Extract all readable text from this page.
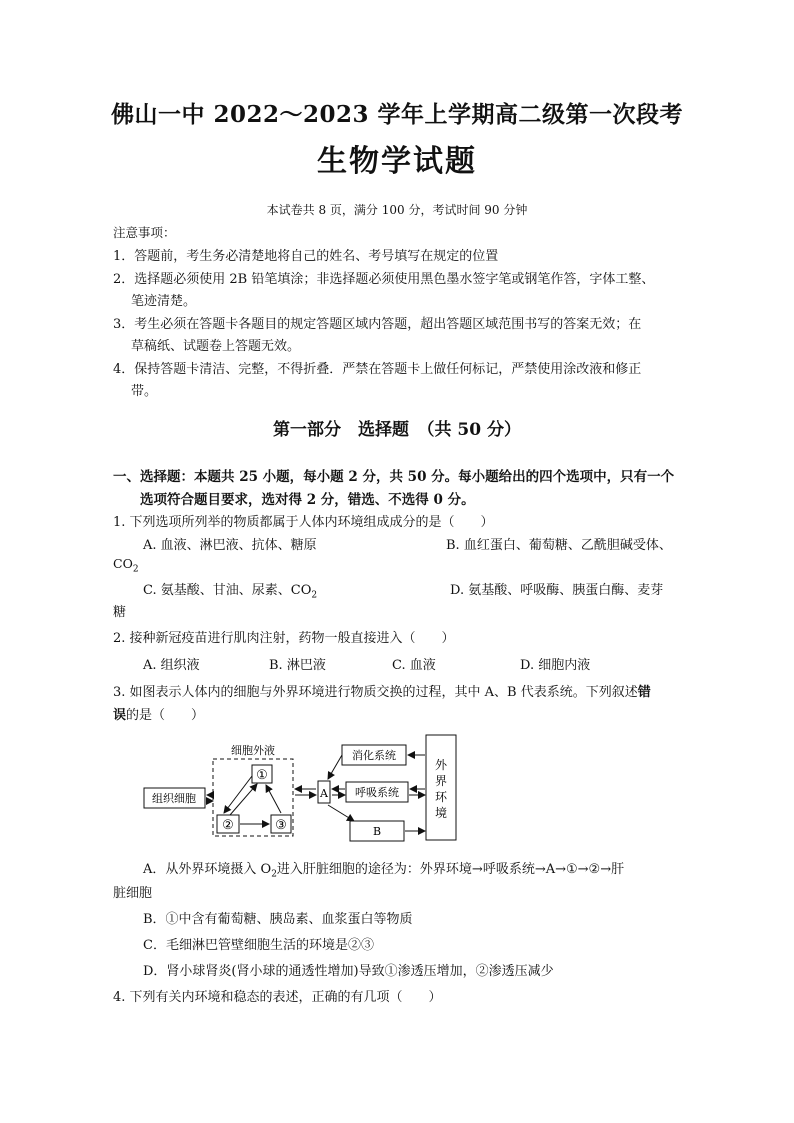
佛山一中 2022～2023 学年上学期高二级第一次段考
生物学试题
本试卷共 8 页，满分 100 分，考试时间 90 分钟
注意事项：
1．答题前，考生务必清楚地将自己的姓名、考号填写在规定的位置
2．选择题必须使用 2B 铅笔填涂；非选择题必须使用黑色墨水签字笔或钢笔作答，字体工整、
笔迹清楚。
3．考生必须在答题卡各题目的规定答题区域内答题，超出答题区域范围书写的答案无效；在
草稿纸、试题卷上答题无效。
4．保持答题卡清洁、完整，不得折叠．严禁在答题卡上做任何标记，严禁使用涂改液和修正
带。
第一部分　选择题　（共 50 分）
一、选择题：本题共 25 小题，每小题 2 分，共 50 分。每小题给出的四个选项中，只有一个
选项符合题目要求，选对得 2 分，错选、不选得 0 分。
1. 下列选项所列举的物质都属于人体内环境组成成分的是（　　）
A. 血液、淋巴液、抗体、糖原	B. 血红蛋白、葡萄糖、乙酰胆碱受体、
$CO_2$
C. 氨基酸、甘油、尿素、$CO_2$	D. 氨基酸、呼吸酶、胰蛋白酶、麦芽
糖
2. 接种新冠疫苗进行肌肉注射，药物一般直接进入（　　）
A. 组织液	B. 淋巴液	C. 血液	D. 细胞内液
3. 如图表示人体内的细胞与外界环境进行物质交换的过程，其中 A、B 代表系统。下列叙述错
误的是（　　）
细胞外液
组织细胞
①
②	③
A
消化系统
呼吸系统
B
外
界
环
境
A．从外界环境摄入 $O_2$进入肝脏细胞的途径为：外界环境→呼吸系统→A→①→②→肝
脏细胞
B．①中含有葡萄糖、胰岛素、血浆蛋白等物质
C．毛细淋巴管壁细胞生活的环境是②③
D．肾小球肾炎(肾小球的通透性增加)导致①渗透压增加，②渗透压减少
4. 下列有关内环境和稳态的表述，正确的有几项（　　）
